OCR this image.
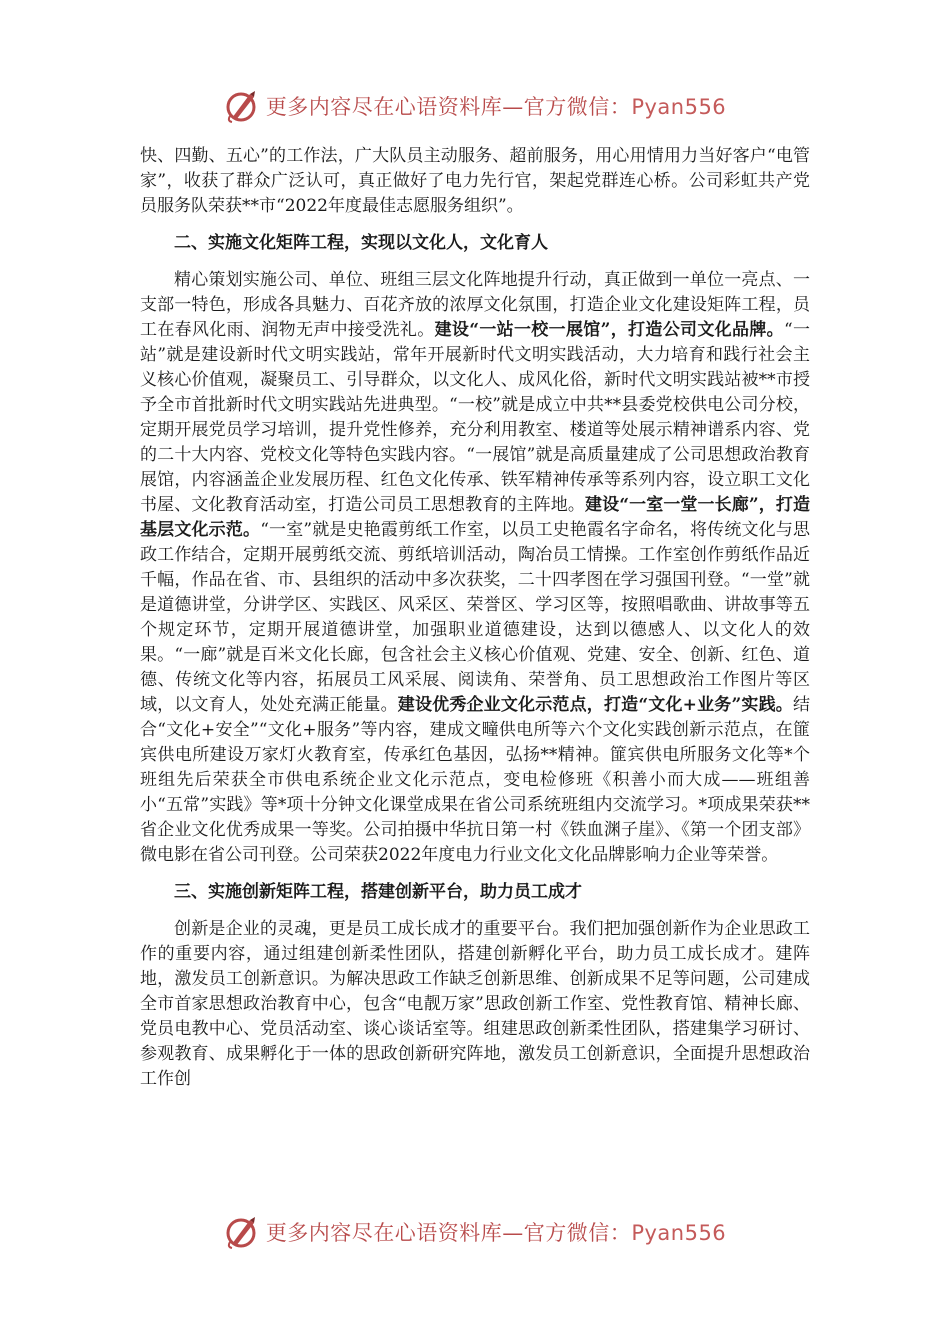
更多内容尽在心语资料库—官方微信：Pyan556

快、四勤、五心”的工作法，广大队员主动服务、超前服务，用心用情用力当好客户“电管家”，收获了群众广泛认可，真正做好了电力先行官，架起党群连心桥。公司彩虹共产党员服务队荣获**市“2022年度最佳志愿服务组织”。

二、实施文化矩阵工程，实现以文化人，文化育人

精心策划实施公司、单位、班组三层文化阵地提升行动，真正做到一单位一亮点、一支部一特色，形成各具魅力、百花齐放的浓厚文化氛围，打造企业文化建设矩阵工程，员工在春风化雨、润物无声中接受洗礼。建设“一站一校一展馆”，打造公司文化品牌。“一站”就是建设新时代文明实践站，常年开展新时代文明实践活动，大力培育和践行社会主义核心价值观，凝聚员工、引导群众，以文化人、成风化俗，新时代文明实践站被**市授予全市首批新时代文明实践站先进典型。“一校”就是成立中共**县委党校供电公司分校，定期开展党员学习培训，提升党性修养，充分利用教室、楼道等处展示精神谱系内容、党的二十大内容、党校文化等特色实践内容。“一展馆”就是高质量建成了公司思想政治教育展馆，内容涵盖企业发展历程、红色文化传承、铁军精神传承等系列内容，设立职工文化书屋、文化教育活动室，打造公司员工思想教育的主阵地。建设“一室一堂一长廊”，打造基层文化示范。“一室”就是史艳霞剪纸工作室，以员工史艳霞名字命名，将传统文化与思政工作结合，定期开展剪纸交流、剪纸培训活动，陶冶员工情操。工作室创作剪纸作品近千幅，作品在省、市、县组织的活动中多次获奖，二十四孝图在学习强国刊登。“一堂”就是道德讲堂，分讲学区、实践区、风采区、荣誉区、学习区等，按照唱歌曲、讲故事等五个规定环节，定期开展道德讲堂，加强职业道德建设，达到以德感人、以文化人的效果。“一廊”就是百米文化长廊，包含社会主义核心价值观、党建、安全、创新、红色、道德、传统文化等内容，拓展员工风采展、阅读角、荣誉角、员工思想政治工作图片等区域，以文育人，处处充满正能量。建设优秀企业文化示范点，打造“文化+业务”实践。结合“文化+安全”“文化+服务”等内容，建成文疃供电所等六个文化实践创新示范点，在篚宾供电所建设万家灯火教育室，传承红色基因，弘扬**精神。篚宾供电所服务文化等*个班组先后荣获全市供电系统企业文化示范点，变电检修班《积善小而大成——班组善小“五常”实践》等*项十分钟文化课堂成果在省公司系统班组内交流学习。*项成果荣获**省企业文化优秀成果一等奖。公司拍摄中华抗日第一村《铁血渊子崖》、《第一个团支部》微电影在省公司刊登。公司荣获2022年度电力行业文化文化品牌影响力企业等荣誉。

三、实施创新矩阵工程，搭建创新平台，助力员工成才

创新是企业的灵魂，更是员工成长成才的重要平台。我们把加强创新作为企业思政工作的重要内容，通过组建创新柔性团队，搭建创新孵化平台，助力员工成长成才。建阵地，激发员工创新意识。为解决思政工作缺乏创新思维、创新成果不足等问题，公司建成全市首家思想政治教育中心，包含“电靓万家”思政创新工作室、党性教育馆、精神长廊、党员电教中心、党员活动室、谈心谈话室等。组建思政创新柔性团队，搭建集学习研讨、参观教育、成果孵化于一体的思政创新研究阵地，激发员工创新意识，全面提升思想政治工作创

更多内容尽在心语资料库—官方微信：Pyan556
